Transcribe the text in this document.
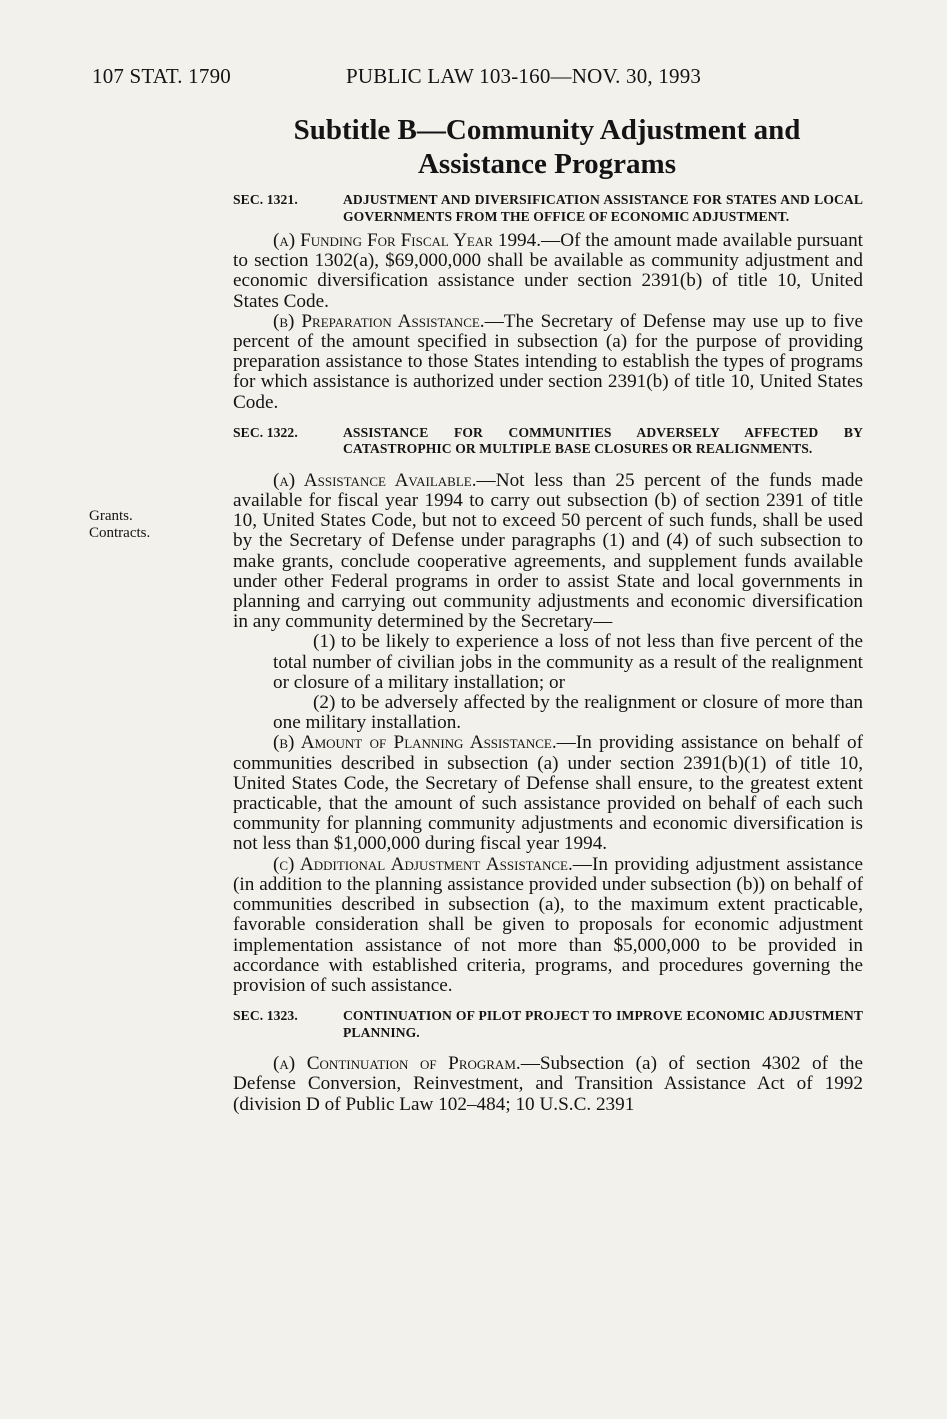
107 STAT. 1790	PUBLIC LAW 103-160—NOV. 30, 1993
Subtitle B—Community Adjustment and Assistance Programs
Grants.
Contracts.
SEC. 1321.	ADJUSTMENT AND DIVERSIFICATION ASSISTANCE FOR STATES AND LOCAL GOVERNMENTS FROM THE OFFICE OF ECONOMIC ADJUSTMENT.

(a) Funding For Fiscal Year 1994.—Of the amount made available pursuant to section 1302(a), $69,000,000 shall be available as community adjustment and economic diversification assistance under section 2391(b) of title 10, United States Code.

(b) Preparation Assistance.—The Secretary of Defense may use up to five percent of the amount specified in subsection (a) for the purpose of providing preparation assistance to those States intending to establish the types of programs for which assistance is authorized under section 2391(b) of title 10, United States Code.

SEC. 1322.	ASSISTANCE FOR COMMUNITIES ADVERSELY AFFECTED BY CATASTROPHIC OR MULTIPLE BASE CLOSURES OR REALIGNMENTS.

(a) Assistance Available.—Not less than 25 percent of the funds made available for fiscal year 1994 to carry out subsection (b) of section 2391 of title 10, United States Code, but not to exceed 50 percent of such funds, shall be used by the Secretary of Defense under paragraphs (1) and (4) of such subsection to make grants, conclude cooperative agreements, and supplement funds available under other Federal programs in order to assist State and local governments in planning and carrying out community adjustments and economic diversification in any community determined by the Secretary—

(1) to be likely to experience a loss of not less than five percent of the total number of civilian jobs in the community as a result of the realignment or closure of a military installation; or

(2) to be adversely affected by the realignment or closure of more than one military installation.

(b) Amount of Planning Assistance.—In providing assistance on behalf of communities described in subsection (a) under section 2391(b)(1) of title 10, United States Code, the Secretary of Defense shall ensure, to the greatest extent practicable, that the amount of such assistance provided on behalf of each such community for planning community adjustments and economic diversification is not less than $1,000,000 during fiscal year 1994.

(c) Additional Adjustment Assistance.—In providing adjustment assistance (in addition to the planning assistance provided under subsection (b)) on behalf of communities described in subsection (a), to the maximum extent practicable, favorable consideration shall be given to proposals for economic adjustment implementation assistance of not more than $5,000,000 to be provided in accordance with established criteria, programs, and procedures governing the provision of such assistance.

SEC. 1323.	CONTINUATION OF PILOT PROJECT TO IMPROVE ECONOMIC ADJUSTMENT PLANNING.

(a) Continuation of Program.—Subsection (a) of section 4302 of the Defense Conversion, Reinvestment, and Transition Assistance Act of 1992 (division D of Public Law 102–484; 10 U.S.C. 2391
